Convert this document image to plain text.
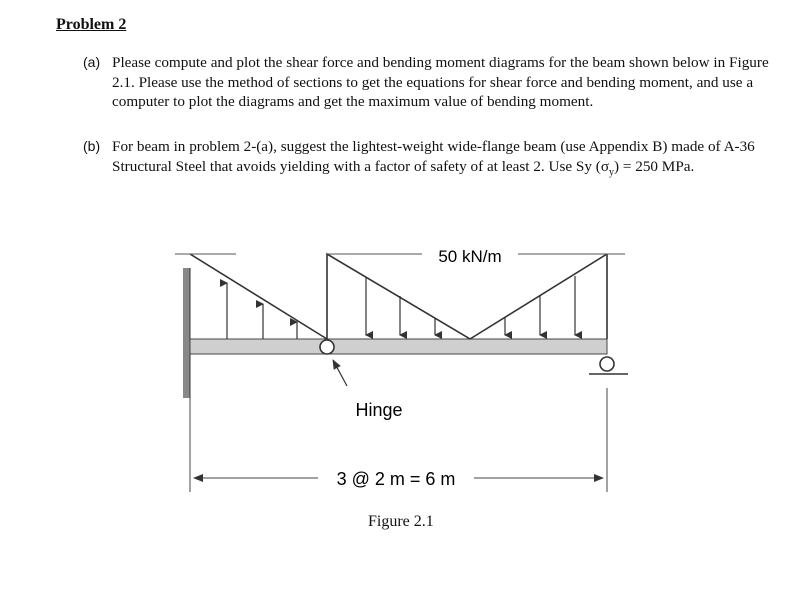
Problem 2
(a) Please compute and plot the shear force and bending moment diagrams for the beam shown below in Figure 2.1. Please use the method of sections to get the equations for shear force and bending moment, and use a computer to plot the diagrams and get the maximum value of bending moment.
(b) For beam in problem 2-(a), suggest the lightest-weight wide-flange beam (use Appendix B) made of A-36 Structural Steel that avoids yielding with a factor of safety of at least 2. Use Sy $(\sigma_y) = 250$ MPa.
50 kN/m
Hinge
3 @ 2 m = 6 m
Figure 2.1
